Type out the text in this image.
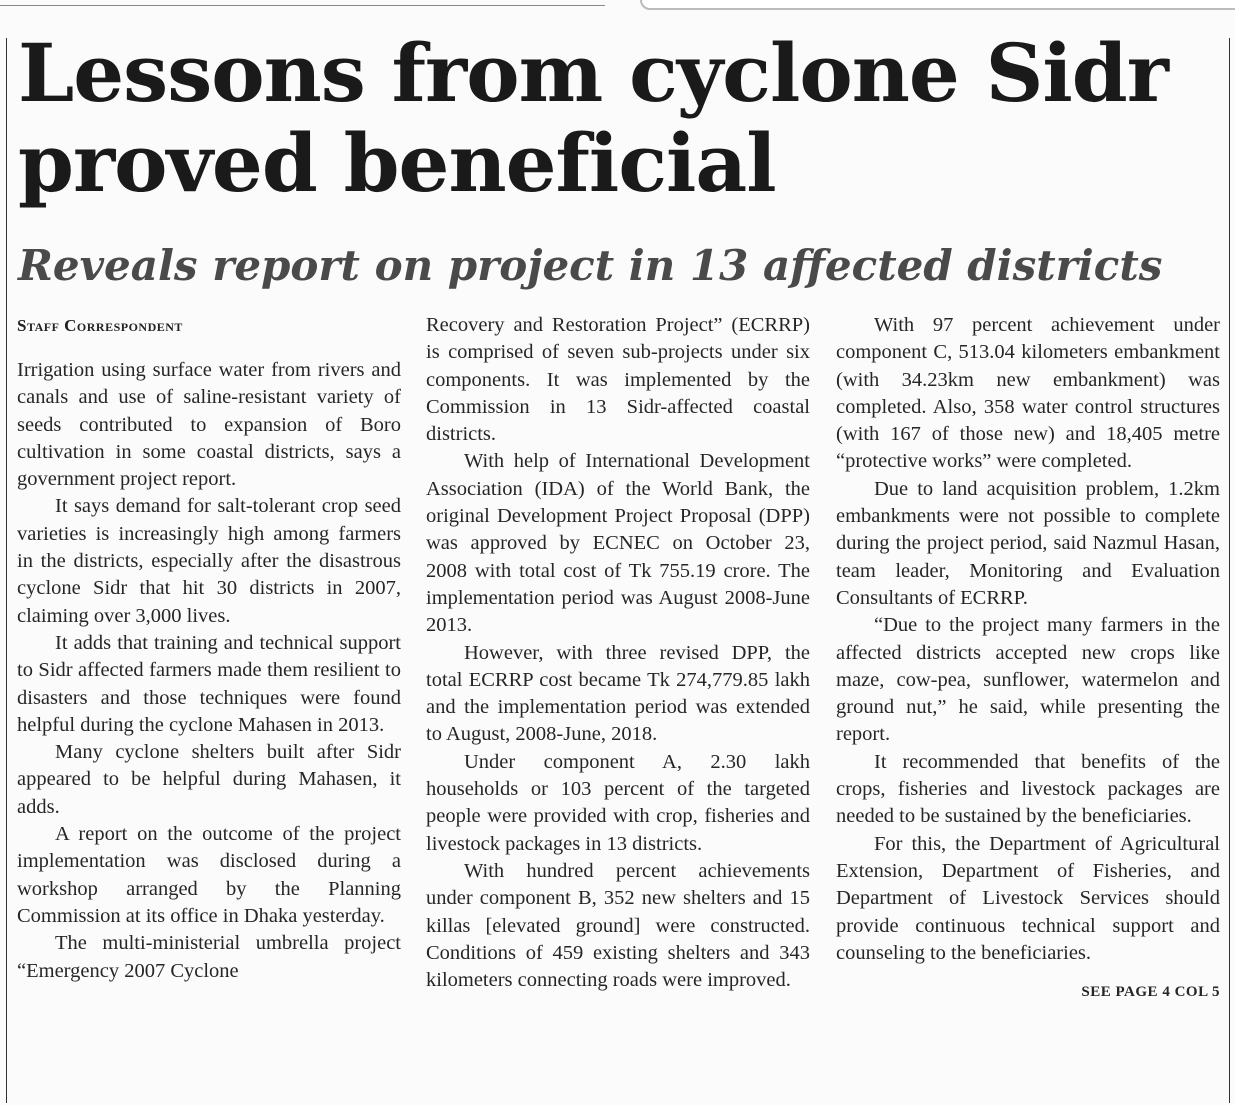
Lessons from cyclone Sidr
proved beneficial
Reveals report on project in 13 affected districts
Staff Correspondent

Irrigation using surface water from rivers and canals and use of saline-resistant variety of seeds contributed to expansion of Boro cultivation in some coastal districts, says a government project report.

It says demand for salt-tolerant crop seed varieties is increasingly high among farmers in the districts, especially after the disastrous cyclone Sidr that hit 30 districts in 2007, claiming over 3,000 lives.

It adds that training and technical support to Sidr affected farmers made them resilient to disasters and those techniques were found helpful during the cyclone Mahasen in 2013.

Many cyclone shelters built after Sidr appeared to be helpful during Mahasen, it adds.

A report on the outcome of the project implementation was disclosed during a workshop arranged by the Planning Commission at its office in Dhaka yesterday.

The multi-ministerial umbrella project “Emergency 2007 Cyclone

Recovery and Restoration Project” (ECRRP) is comprised of seven sub-projects under six components. It was implemented by the Commission in 13 Sidr-affected coastal districts.

With help of International Development Association (IDA) of the World Bank, the original Development Project Proposal (DPP) was approved by ECNEC on October 23, 2008 with total cost of Tk 755.19 crore. The implementation period was August 2008-June 2013.

However, with three revised DPP, the total ECRRP cost became Tk 274,779.85 lakh and the implementation period was extended to August, 2008-June, 2018.

Under component A, 2.30 lakh households or 103 percent of the targeted people were provided with crop, fisheries and livestock packages in 13 districts.

With hundred percent achievements under component B, 352 new shelters and 15 killas [elevated ground] were constructed. Conditions of 459 existing shelters and 343 kilometers connecting roads were improved.

With 97 percent achievement under component C, 513.04 kilometers embankment (with 34.23km new embankment) was completed. Also, 358 water control structures (with 167 of those new) and 18,405 metre “protective works” were completed.

Due to land acquisition problem, 1.2km embankments were not possible to complete during the project period, said Nazmul Hasan, team leader, Monitoring and Evaluation Consultants of ECRRP.

“Due to the project many farmers in the affected districts accepted new crops like maze, cow-pea, sunflower, watermelon and ground nut,” he said, while presenting the report.

It recommended that benefits of the crops, fisheries and livestock packages are needed to be sustained by the beneficiaries.

For this, the Department of Agricultural Extension, Department of Fisheries, and Department of Livestock Services should provide continuous technical support and counseling to the beneficiaries.

SEE PAGE 4 COL 5
